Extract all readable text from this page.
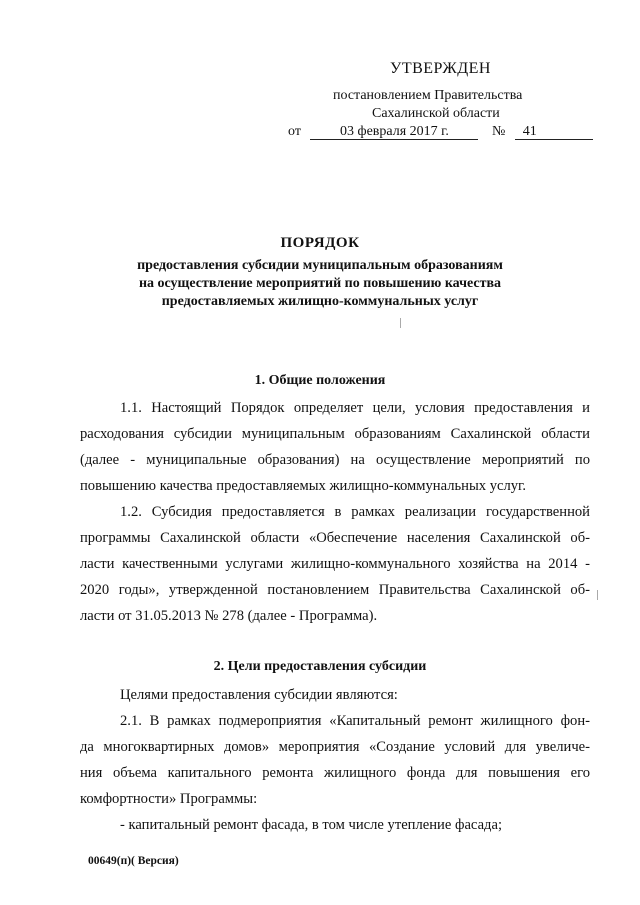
УТВЕРЖДЕН
постановлением Правительства
Сахалинской области
от	03 февраля 2017 г.	№ 41
ПОРЯДОК
предоставления субсидии муниципальным образованиям
на осуществление мероприятий по повышению качества
предоставляемых жилищно-коммунальных услуг
1. Общие положения
1.1. Настоящий Порядок определяет цели, условия предоставления и
расходования субсидии муниципальным образованиям Сахалинской области
(далее - муниципальные образования) на осуществление мероприятий по
повышению качества предоставляемых жилищно-коммунальных услуг.
1.2. Субсидия предоставляется в рамках реализации государственной
программы Сахалинской области «Обеспечение населения Сахалинской об-
ласти качественными услугами жилищно-коммунального хозяйства на 2014 -
2020 годы», утвержденной постановлением Правительства Сахалинской об-
ласти от 31.05.2013 № 278 (далее - Программа).
2. Цели предоставления субсидии
Целями предоставления субсидии являются:
2.1. В рамках подмероприятия «Капитальный ремонт жилищного фон-
да многоквартирных домов» мероприятия «Создание условий для увеличе-
ния объема капитального ремонта жилищного фонда для повышения его
комфортности» Программы:
- капитальный ремонт фасада, в том числе утепление фасада;
00649(п)( Версия)
